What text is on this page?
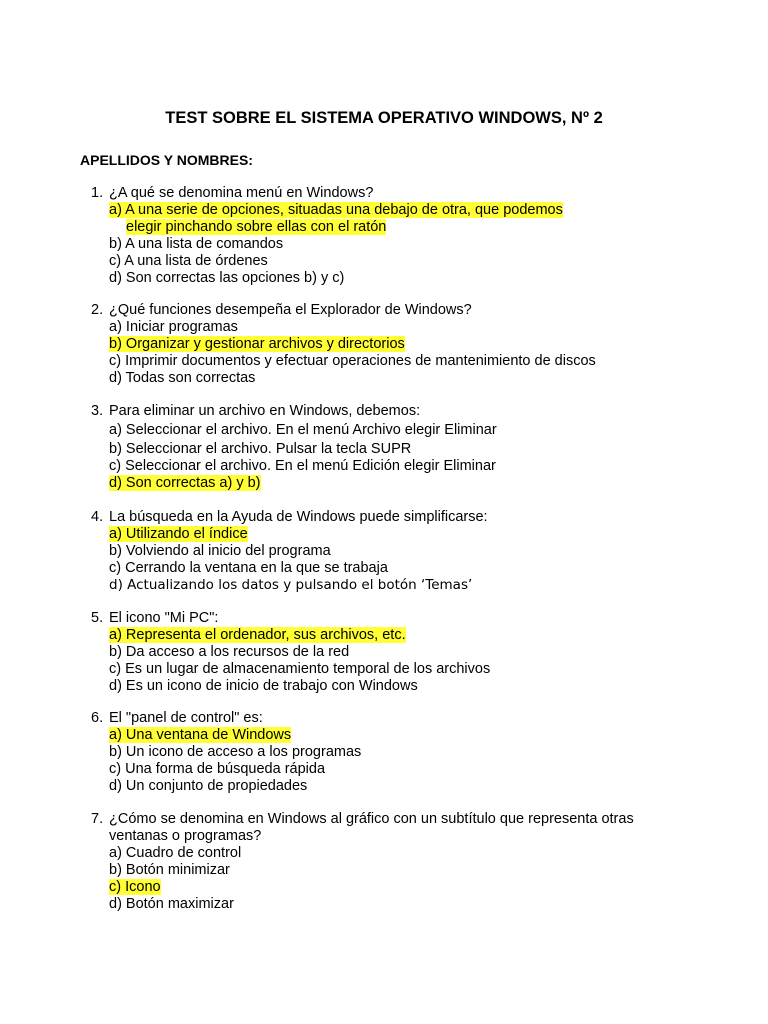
TEST SOBRE EL SISTEMA OPERATIVO WINDOWS, Nº 2
APELLIDOS Y NOMBRES:
1. ¿A qué se denomina menú en Windows?
a) A una serie de opciones, situadas una debajo de otra, que podemos
elegir pinchando sobre ellas con el ratón
b) A una lista de comandos
c) A una lista de órdenes
d) Son correctas las opciones b) y c)
2. ¿Qué funciones desempeña el Explorador de Windows?
a) Iniciar programas
b) Organizar y gestionar archivos y directorios
c) Imprimir documentos y efectuar operaciones de mantenimiento de discos
d) Todas son correctas
3. Para eliminar un archivo en Windows, debemos:
a) Seleccionar el archivo. En el menú Archivo elegir Eliminar
b) Seleccionar el archivo. Pulsar la tecla SUPR
c) Seleccionar el archivo. En el menú Edición elegir Eliminar
d) Son correctas a) y b)
4. La búsqueda en la Ayuda de Windows puede simplificarse:
a) Utilizando el índice
b) Volviendo al inicio del programa
c) Cerrando la ventana en la que se trabaja
d) Actualizando los datos y pulsando el botón ‘Temas’
5. El icono "Mi PC":
a) Representa el ordenador, sus archivos, etc.
b) Da acceso a los recursos de la red
c) Es un lugar de almacenamiento temporal de los archivos
d) Es un icono de inicio de trabajo con Windows
6. El "panel de control" es:
a) Una ventana de Windows
b) Un icono de acceso a los programas
c) Una forma de búsqueda rápida
d) Un conjunto de propiedades
7. ¿Cómo se denomina en Windows al gráfico con un subtítulo que representa otras
ventanas o programas?
a) Cuadro de control
b) Botón minimizar
c) Icono
d) Botón maximizar
